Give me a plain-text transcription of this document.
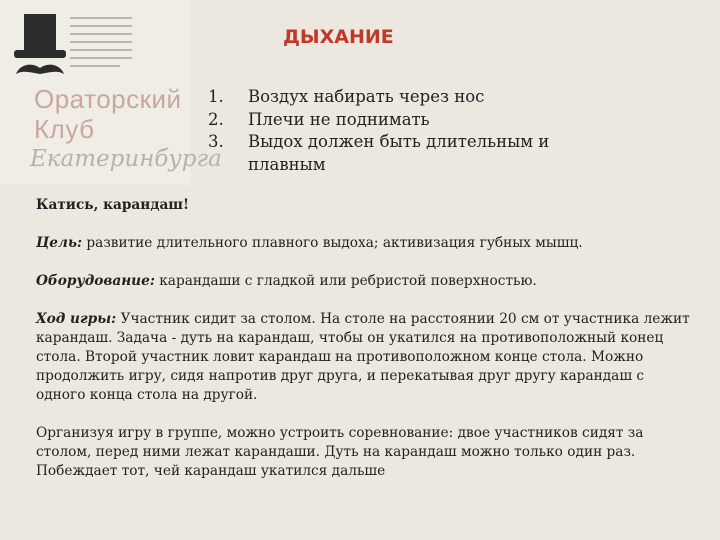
Ораторский
Клуб
Екатеринбурга
ДЫХАНИЕ
1.	Воздух набирать через нос
2.	Плечи не поднимать
3.	Выдох должен быть длительным и плавным

Катись, карандаш!

Цель: развитие длительного плавного выдоха; активизация губных мышц.

Оборудование: карандаши с гладкой или ребристой поверхностью.

Ход игры: Участник сидит за столом. На столе на расстоянии 20 см от участника лежит карандаш. Задача - дуть на карандаш, чтобы он укатился на противоположный конец стола. Второй участник ловит карандаш на противоположном конце стола. Можно продолжить игру, сидя напротив друг друга, и перекатывая друг другу карандаш с одного конца стола на другой.

Организуя игру в группе, можно устроить соревнование: двое участников сидят за столом, перед ними лежат карандаши. Дуть на карандаш можно только один раз. Побеждает тот, чей карандаш укатился дальше
